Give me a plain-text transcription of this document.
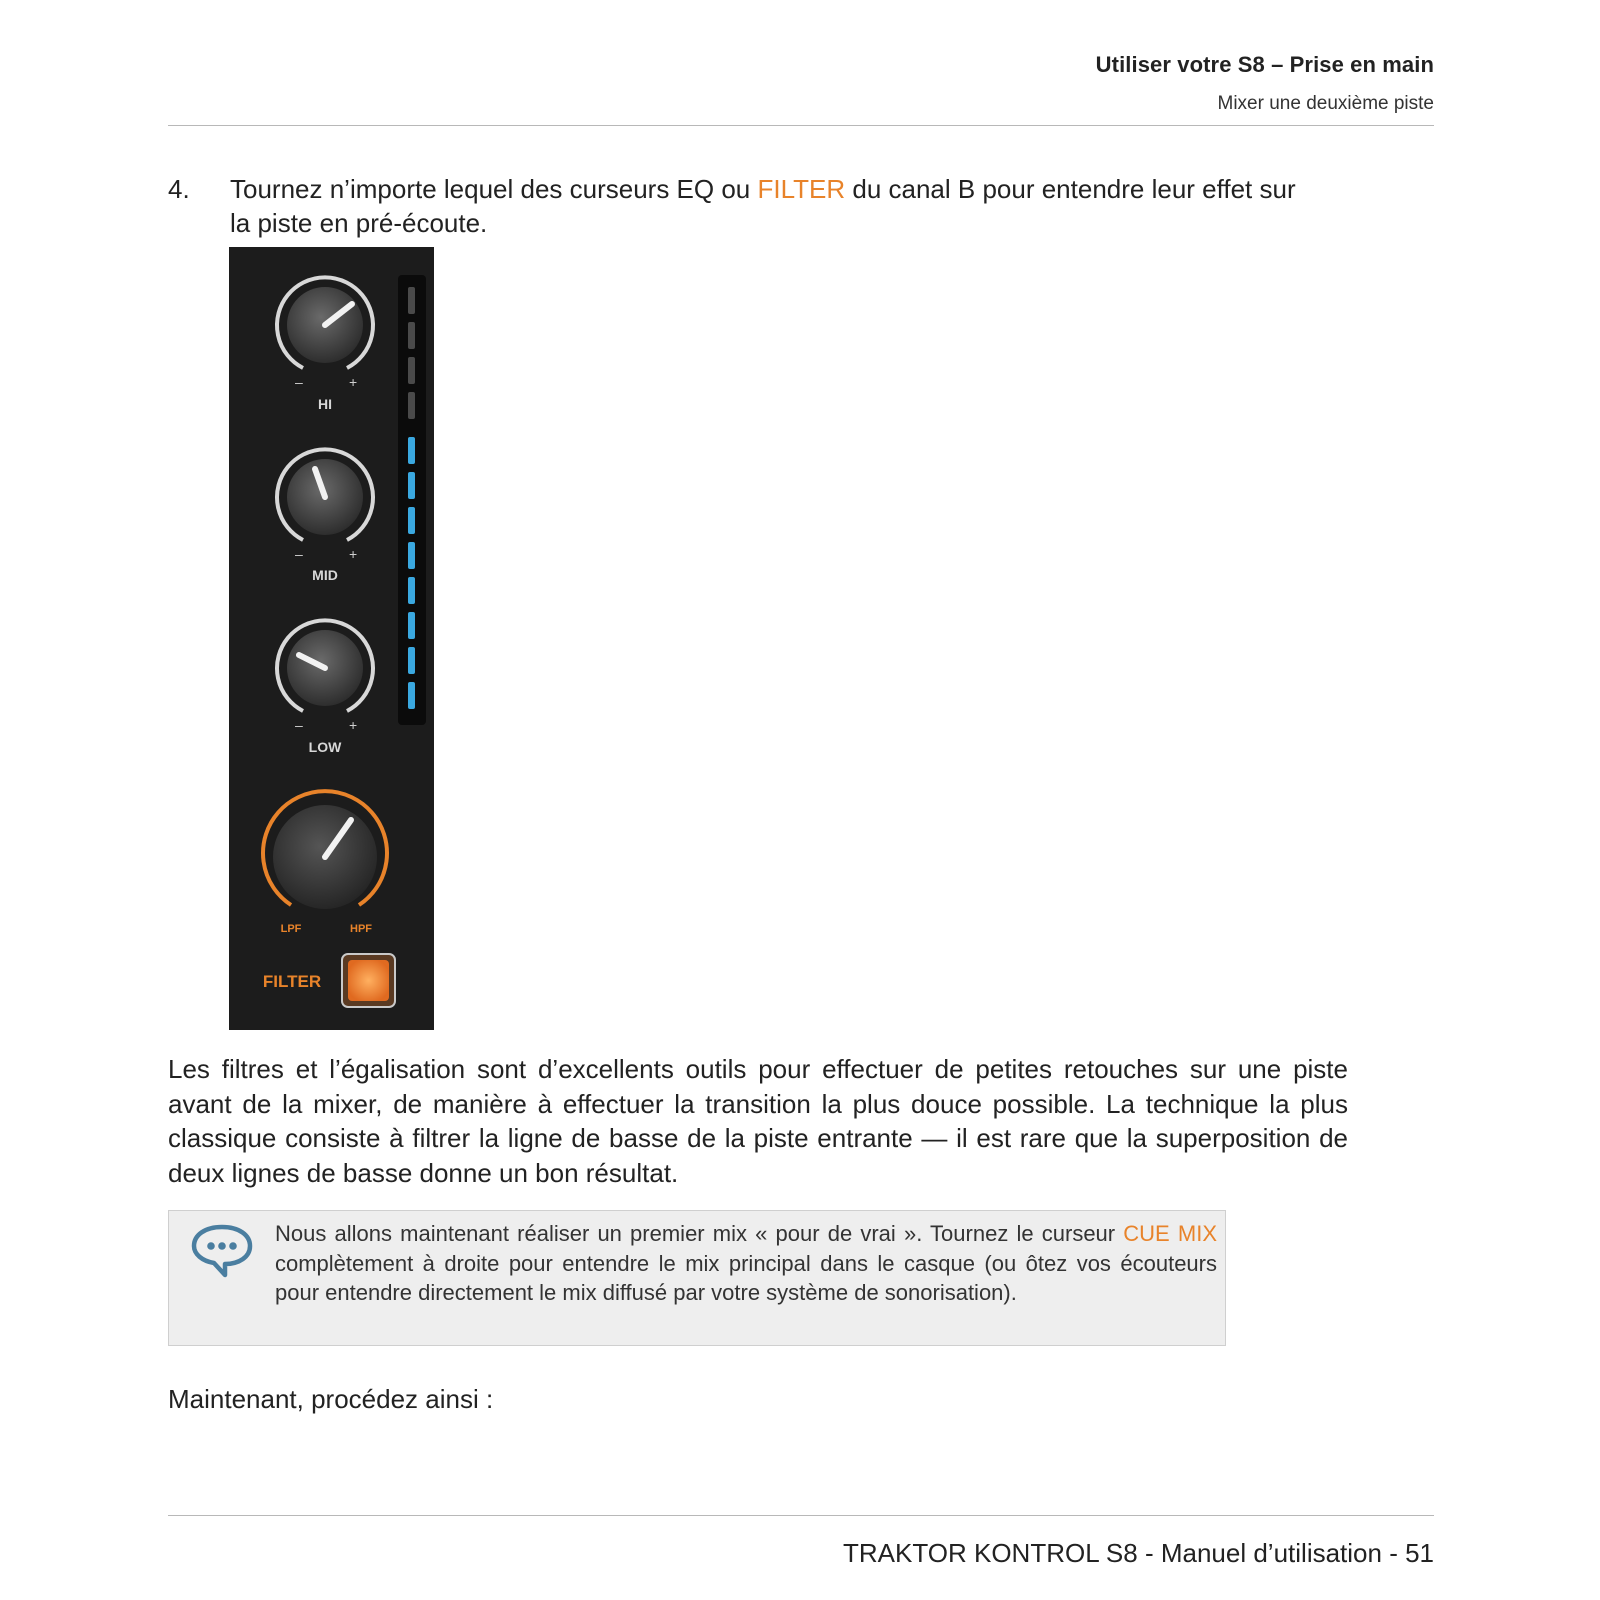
Utiliser votre S8 – Prise en main
Mixer une deuxième piste
4. Tournez n’importe lequel des curseurs EQ ou FILTER du canal B pour entendre leur effet sur la piste en pré-écoute.
–	+
HI
–	+
MID
–	+
LOW
LPF	HPF
FILTER
Les filtres et l’égalisation sont d’excellents outils pour effectuer de petites retouches sur une piste avant de la mixer, de manière à effectuer la transition la plus douce possible. La technique la plus classique consiste à filtrer la ligne de basse de la piste entrante — il est rare que la superposition de deux lignes de basse donne un bon résultat.
Nous allons maintenant réaliser un premier mix « pour de vrai ». Tournez le curseur CUE MIX complètement à droite pour entendre le mix principal dans le casque (ou ôtez vos écouteurs pour entendre directement le mix diffusé par votre système de sonorisation).
Maintenant, procédez ainsi :
TRAKTOR KONTROL S8 - Manuel d’utilisation - 51
